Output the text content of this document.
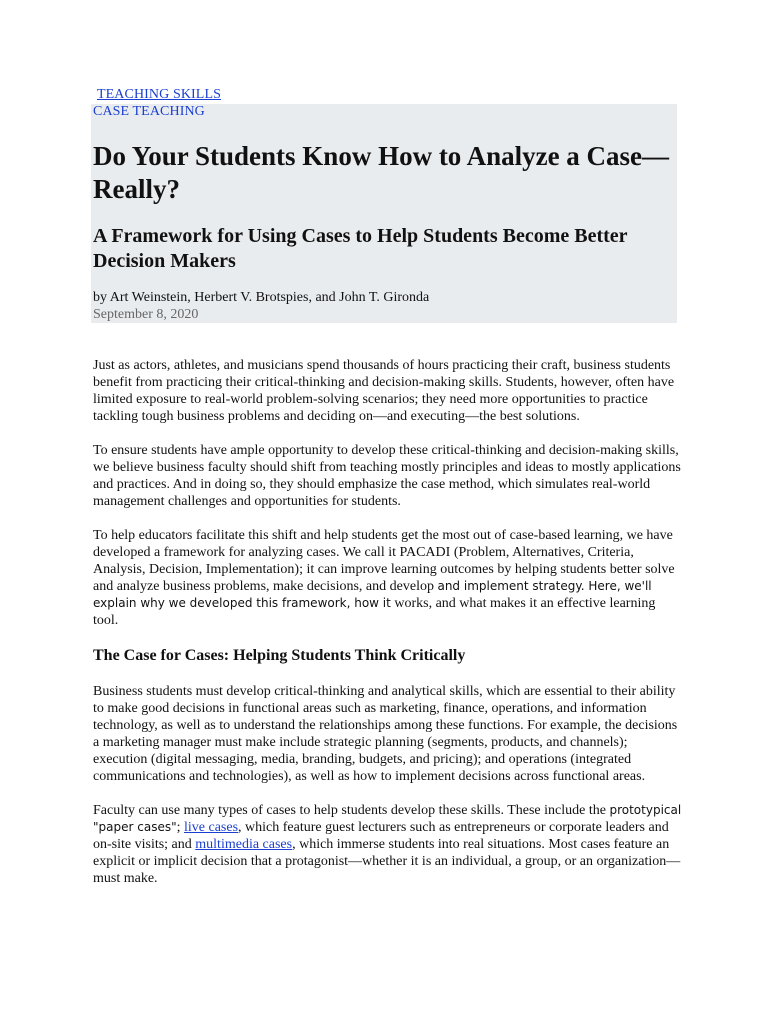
TEACHING SKILLS
CASE TEACHING
Do Your Students Know How to Analyze a Case—Really?
A Framework for Using Cases to Help Students Become Better Decision Makers
by Art Weinstein, Herbert V. Brotspies, and John T. Gironda
September 8, 2020

Just as actors, athletes, and musicians spend thousands of hours practicing their craft, business students benefit from practicing their critical-thinking and decision-making skills. Students, however, often have limited exposure to real-world problem-solving scenarios; they need more opportunities to practice tackling tough business problems and deciding on—and executing—the best solutions.

To ensure students have ample opportunity to develop these critical-thinking and decision-making skills, we believe business faculty should shift from teaching mostly principles and ideas to mostly applications and practices. And in doing so, they should emphasize the case method, which simulates real-world management challenges and opportunities for students.

To help educators facilitate this shift and help students get the most out of case-based learning, we have developed a framework for analyzing cases. We call it PACADI (Problem, Alternatives, Criteria, Analysis, Decision, Implementation); it can improve learning outcomes by helping students better solve and analyze business problems, make decisions, and develop and implement strategy. Here, we'll explain why we developed this framework, how it works, and what makes it an effective learning tool.

The Case for Cases: Helping Students Think Critically

Business students must develop critical-thinking and analytical skills, which are essential to their ability to make good decisions in functional areas such as marketing, finance, operations, and information technology, as well as to understand the relationships among these functions. For example, the decisions a marketing manager must make include strategic planning (segments, products, and channels); execution (digital messaging, media, branding, budgets, and pricing); and operations (integrated communications and technologies), as well as how to implement decisions across functional areas.

Faculty can use many types of cases to help students develop these skills. These include the prototypical "paper cases"; live cases, which feature guest lecturers such as entrepreneurs or corporate leaders and on-site visits; and multimedia cases, which immerse students into real situations. Most cases feature an explicit or implicit decision that a protagonist—whether it is an individual, a group, or an organization—must make.
